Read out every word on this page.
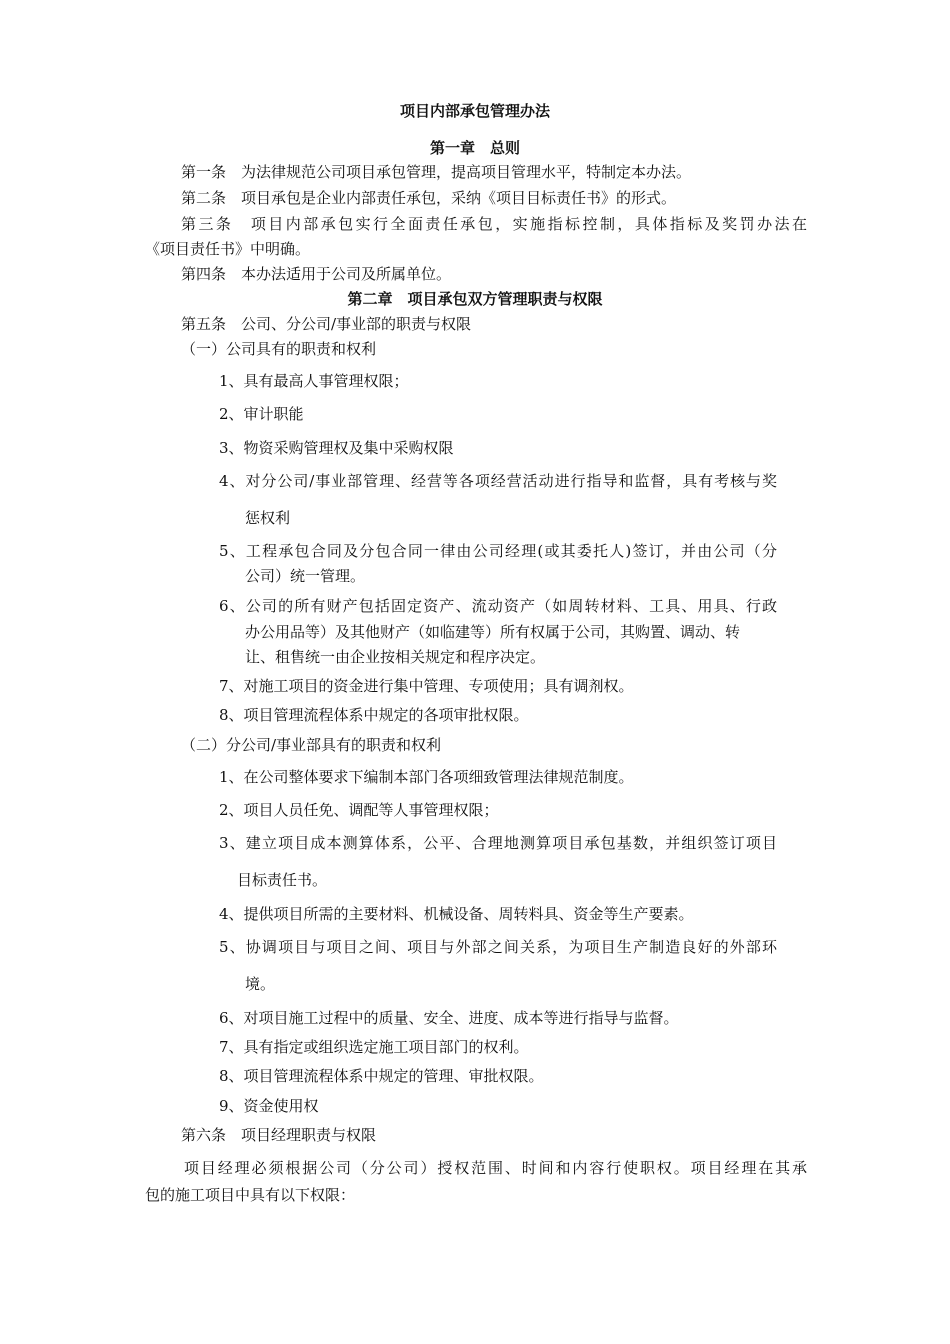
项目内部承包管理办法
第一章　总则
第一条　为法律规范公司项目承包管理，提高项目管理水平，特制定本办法。
第二条　项目承包是企业内部责任承包，采纳《项目目标责任书》的形式。
第三条　项目内部承包实行全面责任承包，实施指标控制，具体指标及奖罚办法在
《项目责任书》中明确。
第四条　本办法适用于公司及所属单位。
第二章　项目承包双方管理职责与权限
第五条　公司、分公司/事业部的职责与权限
（一）公司具有的职责和权利
1、具有最高人事管理权限；
2、审计职能
3、物资采购管理权及集中采购权限
4、对分公司/事业部管理、经营等各项经营活动进行指导和监督，具有考核与奖
惩权利
5、工程承包合同及分包合同一律由公司经理(或其委托人)签订，并由公司（分
公司）统一管理。
6、公司的所有财产包括固定资产、流动资产（如周转材料、工具、用具、行政
办公用品等）及其他财产（如临建等）所有权属于公司，其购置、调动、转
让、租售统一由企业按相关规定和程序决定。
7、对施工项目的资金进行集中管理、专项使用；具有调剂权。
8、项目管理流程体系中规定的各项审批权限。
（二）分公司/事业部具有的职责和权利
1、在公司整体要求下编制本部门各项细致管理法律规范制度。
2、项目人员任免、调配等人事管理权限；
3、建立项目成本测算体系，公平、合理地测算项目承包基数，并组织签订项目
目标责任书。
4、提供项目所需的主要材料、机械设备、周转料具、资金等生产要素。
5、协调项目与项目之间、项目与外部之间关系，为项目生产制造良好的外部环
境。
6、对项目施工过程中的质量、安全、进度、成本等进行指导与监督。
7、具有指定或组织选定施工项目部门的权利。
8、项目管理流程体系中规定的管理、审批权限。
9、资金使用权
第六条　项目经理职责与权限
项目经理必须根据公司（分公司）授权范围、时间和内容行使职权。项目经理在其承
包的施工项目中具有以下权限：
